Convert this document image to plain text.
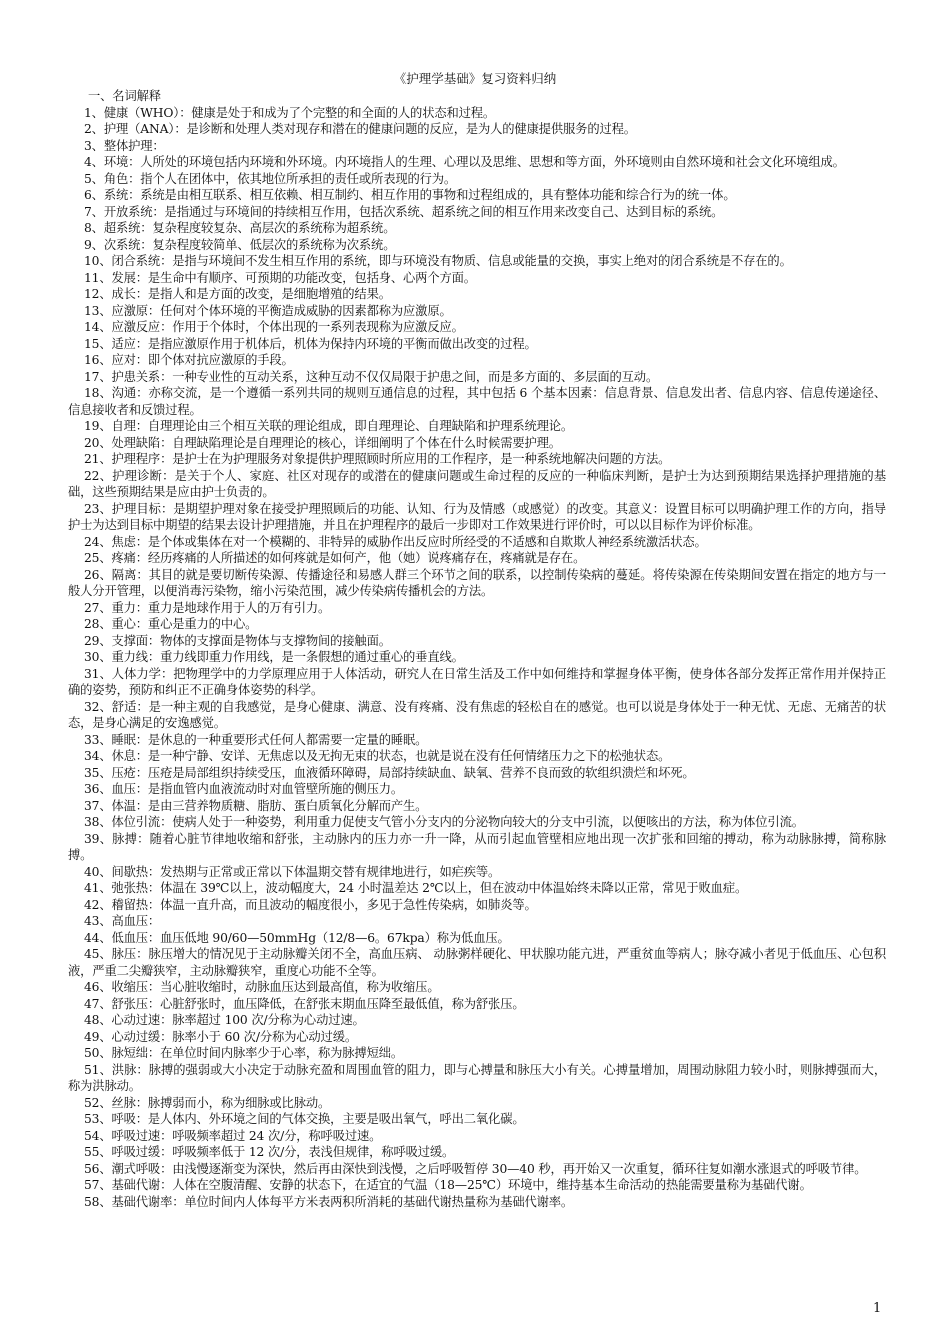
《护理学基础》复习资料归纳
一、名词解释

1、健康（WHO）：健康是处于和成为了个完整的和全面的人的状态和过程。

2、护理（ANA）：是诊断和处理人类对现存和潜在的健康问题的反应，是为人的健康提供服务的过程。

3、整体护理：

4、环境：人所处的环境包括内环境和外环境。内环境指人的生理、心理以及思维、思想和等方面，外环境则由自然环境和社会文化环境组成。

5、角色：指个人在团体中，依其地位所承担的责任或所表现的行为。

6、系统：系统是由相互联系、相互依赖、相互制约、相互作用的事物和过程组成的，具有整体功能和综合行为的统一体。

7、开放系统：是指通过与环境间的持续相互作用，包括次系统、超系统之间的相互作用来改变自己、达到目标的系统。

8、超系统：复杂程度较复杂、高层次的系统称为超系统。

9、次系统：复杂程度较简单、低层次的系统称为次系统。

10、闭合系统：是指与环境间不发生相互作用的系统，即与环境没有物质、信息或能量的交换，事实上绝对的闭合系统是不存在的。

11、发展：是生命中有顺序、可预期的功能改变，包括身、心两个方面。

12、成长：是指人和是方面的改变，是细胞增殖的结果。

13、应激原：任何对个体环境的平衡造成威胁的因素都称为应激原。

14、应激反应：作用于个体时，个体出现的一系列表现称为应激反应。

15、适应：是指应激原作用于机体后，机体为保持内环境的平衡而做出改变的过程。

16、应对：即个体对抗应激原的手段。

17、护患关系：一种专业性的互动关系，这种互动不仅仅局限于护患之间，而是多方面的、多层面的互动。

18、沟通：亦称交流，是一个遵循一系列共同的规则互通信息的过程，其中包括 6 个基本因素：信息背景、信息发出者、信息内容、信息传递途径、信息接收者和反馈过程。

19、自理：自理理论由三个相互关联的理论组成，即自理理论、自理缺陷和护理系统理论。

20、处理缺陷：自理缺陷理论是自理理论的核心，详细阐明了个体在什么时候需要护理。

21、护理程序：是护士在为护理服务对象提供护理照顾时所应用的工作程序，是一种系统地解决问题的方法。

22、护理诊断：是关于个人、家庭、社区对现存的或潜在的健康问题或生命过程的反应的一种临床判断，是护士为达到预期结果选择护理措施的基础，这些预期结果是应由护士负责的。

23、护理目标：是期望护理对象在接受护理照顾后的功能、认知、行为及情感（或感觉）的改变。其意义：设置目标可以明确护理工作的方向，指导护士为达到目标中期望的结果去设计护理措施，并且在护理程序的最后一步即对工作效果进行评价时，可以以目标作为评价标准。

24、焦虑：是个体或集体在对一个模糊的、非特异的威胁作出反应时所经受的不适感和自欺欺人神经系统激活状态。

25、疼痛：经历疼痛的人所描述的如何疼就是如何产，他（她）说疼痛存在，疼痛就是存在。

26、隔离：其目的就是要切断传染源、传播途径和易感人群三个环节之间的联系，以控制传染病的蔓延。将传染源在传染期间安置在指定的地方与一般人分开管理，以便消毒污染物，缩小污染范围，减少传染病传播机会的方法。

27、重力：重力是地球作用于人的万有引力。

28、重心：重心是重力的中心。

29、支撑面：物体的支撑面是物体与支撑物间的接触面。

30、重力线：重力线即重力作用线，是一条假想的通过重心的垂直线。

31、人体力学：把物理学中的力学原理应用于人体活动，研究人在日常生活及工作中如何维持和掌握身体平衡，使身体各部分发挥正常作用并保持正确的姿势，预防和纠正不正确身体姿势的科学。

32、舒适：是一种主观的自我感觉，是身心健康、满意、没有疼痛、没有焦虑的轻松自在的感觉。也可以说是身体处于一种无忧、无虑、无痛苦的状态，是身心满足的安逸感觉。

33、睡眠：是休息的一种重要形式任何人都需要一定量的睡眠。

34、休息：是一种宁静、安详、无焦虑以及无拘无束的状态，也就是说在没有任何情绪压力之下的松弛状态。

35、压疮：压疮是局部组织持续受压，血液循环障碍，局部持续缺血、缺氧、营养不良而致的软组织溃烂和坏死。

36、血压：是指血管内血液流动时对血管壁所施的侧压力。

37、体温：是由三营养物质糖、脂肪、蛋白质氧化分解而产生。

38、体位引流：使病人处于一种姿势，利用重力促使支气管小分支内的分泌物向较大的分支中引流，以便咳出的方法，称为体位引流。

39、脉搏：随着心脏节律地收缩和舒张，主动脉内的压力亦一升一降，从而引起血管壁相应地出现一次扩张和回缩的搏动，称为动脉脉搏，简称脉搏。

40、间歇热：发热期与正常或正常以下体温期交替有规律地进行，如疟疾等。

41、弛张热：体温在 39℃以上，波动幅度大，24 小时温差达 2℃以上，但在波动中体温始终未降以正常，常见于败血症。

42、稽留热：体温一直升高，而且波动的幅度很小，多见于急性传染病，如肺炎等。

43、高血压：

44、低血压：血压低地 90/60—50mmHg（12/8—6。67kpa）称为低血压。

45、脉压：脉压增大的情况见于主动脉瓣关闭不全，高血压病、 动脉粥样硬化、甲状腺功能亢进，严重贫血等病人；脉夺减小者见于低血压、心包积液，严重二尖瓣狭窄，主动脉瓣狭窄，重度心功能不全等。

46、收缩压：当心脏收缩时，动脉血压达到最高值，称为收缩压。

47、舒张压：心脏舒张时，血压降低，在舒张末期血压降至最低值，称为舒张压。

48、心动过速：脉率超过 100 次/分称为心动过速。

49、心动过缓：脉率小于 60 次/分称为心动过缓。

50、脉短绌：在单位时间内脉率少于心率，称为脉搏短绌。

51、洪脉：脉搏的强弱或大小决定于动脉充盈和周围血管的阻力，即与心搏量和脉压大小有关。心搏量增加，周围动脉阻力较小时，则脉搏强而大，称为洪脉动。

52、丝脉：脉搏弱而小，称为细脉或比脉动。

53、呼吸：是人体内、外环境之间的气体交换，主要是吸出氧气，呼出二氧化碳。

54、呼吸过速：呼吸频率超过 24 次/分，称呼吸过速。

55、呼吸过缓：呼吸频率低于 12 次/分，表浅但规律，称呼吸过缓。

56、潮式呼吸：由浅慢逐渐变为深快，然后再由深快到浅慢，之后呼吸暂停 30—40 秒，再开始又一次重复，循环往复如潮水涨退式的呼吸节律。

57、基础代谢：人体在空腹清醒、安静的状态下，在适宜的气温（18—25℃）环境中，维持基本生命活动的热能需要量称为基础代谢。

58、基础代谢率：单位时间内人体每平方米表两积所消耗的基础代谢热量称为基础代谢率。

1
